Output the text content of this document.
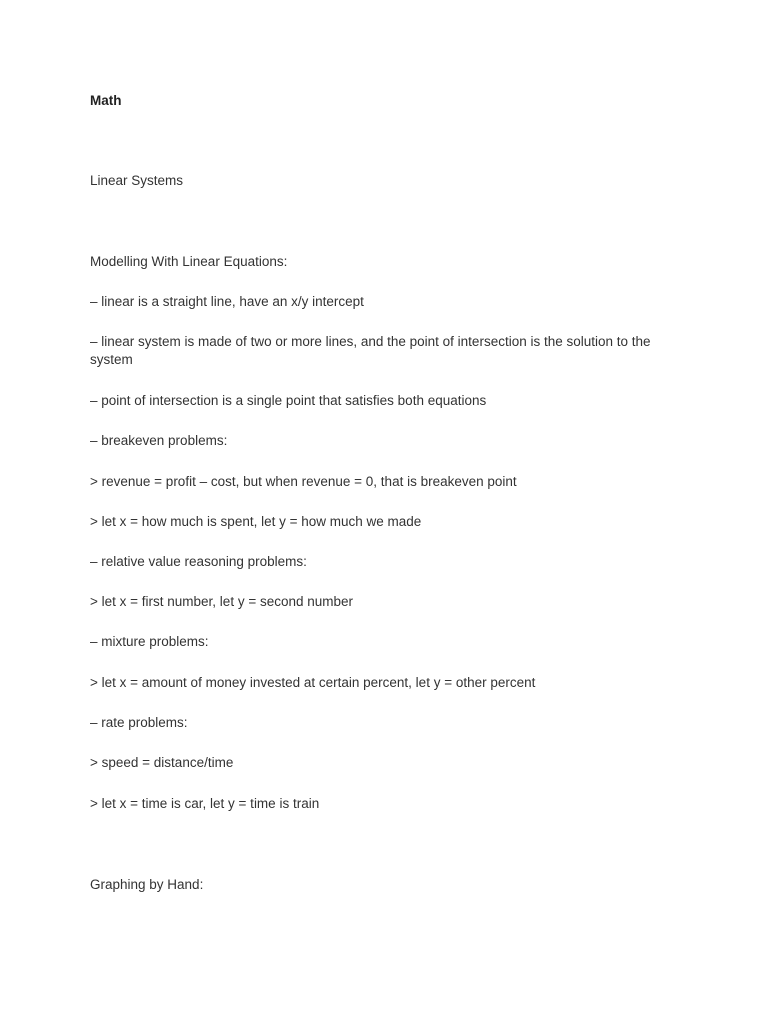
Math
Linear Systems
Modelling With Linear Equations:
– linear is a straight line, have an x/y intercept
– linear system is made of two or more lines, and the point of intersection is the solution to the system
– point of intersection is a single point that satisfies both equations
– breakeven problems:
> revenue = profit – cost, but when revenue = 0, that is breakeven point
> let x = how much is spent, let y = how much we made
– relative value reasoning problems:
> let x = first number, let y = second number
– mixture problems:
> let x = amount of money invested at certain percent, let y = other percent
– rate problems:
> speed = distance/time
> let x = time is car, let y = time is train
Graphing by Hand:
